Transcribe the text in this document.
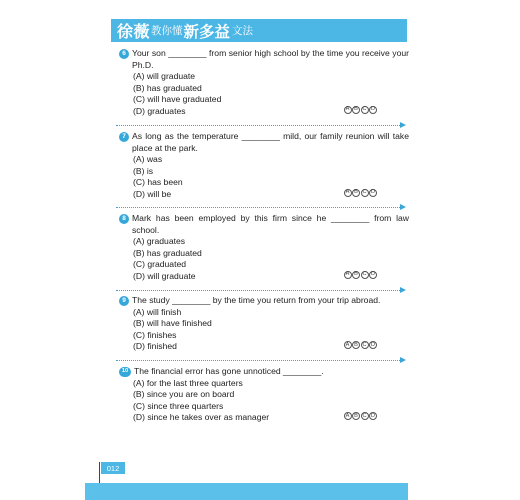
徐薇 教你懂 新多益 文法
6 Your son ________ from senior high school by the time you receive your Ph.D.
(A) will graduate
(B) has graduated
(C) will have graduated
(D) graduates	A B C D
7 As long as the temperature ________ mild, our family reunion will take place at the park.
(A) was
(B) is
(C) has been
(D) will be	A B C D
8 Mark has been employed by this firm since he ________ from law school.
(A) graduates
(B) has graduated
(C) graduated
(D) will graduate	A B C D
9 The study ________ by the time you return from your trip abroad.
(A) will finish
(B) will have finished
(C) finishes
(D) finished	A B C D
10 The financial error has gone unnoticed ________.
(A) for the last three quarters
(B) since you are on board
(C) since three quarters
(D) since he takes over as manager	A B C D
012
